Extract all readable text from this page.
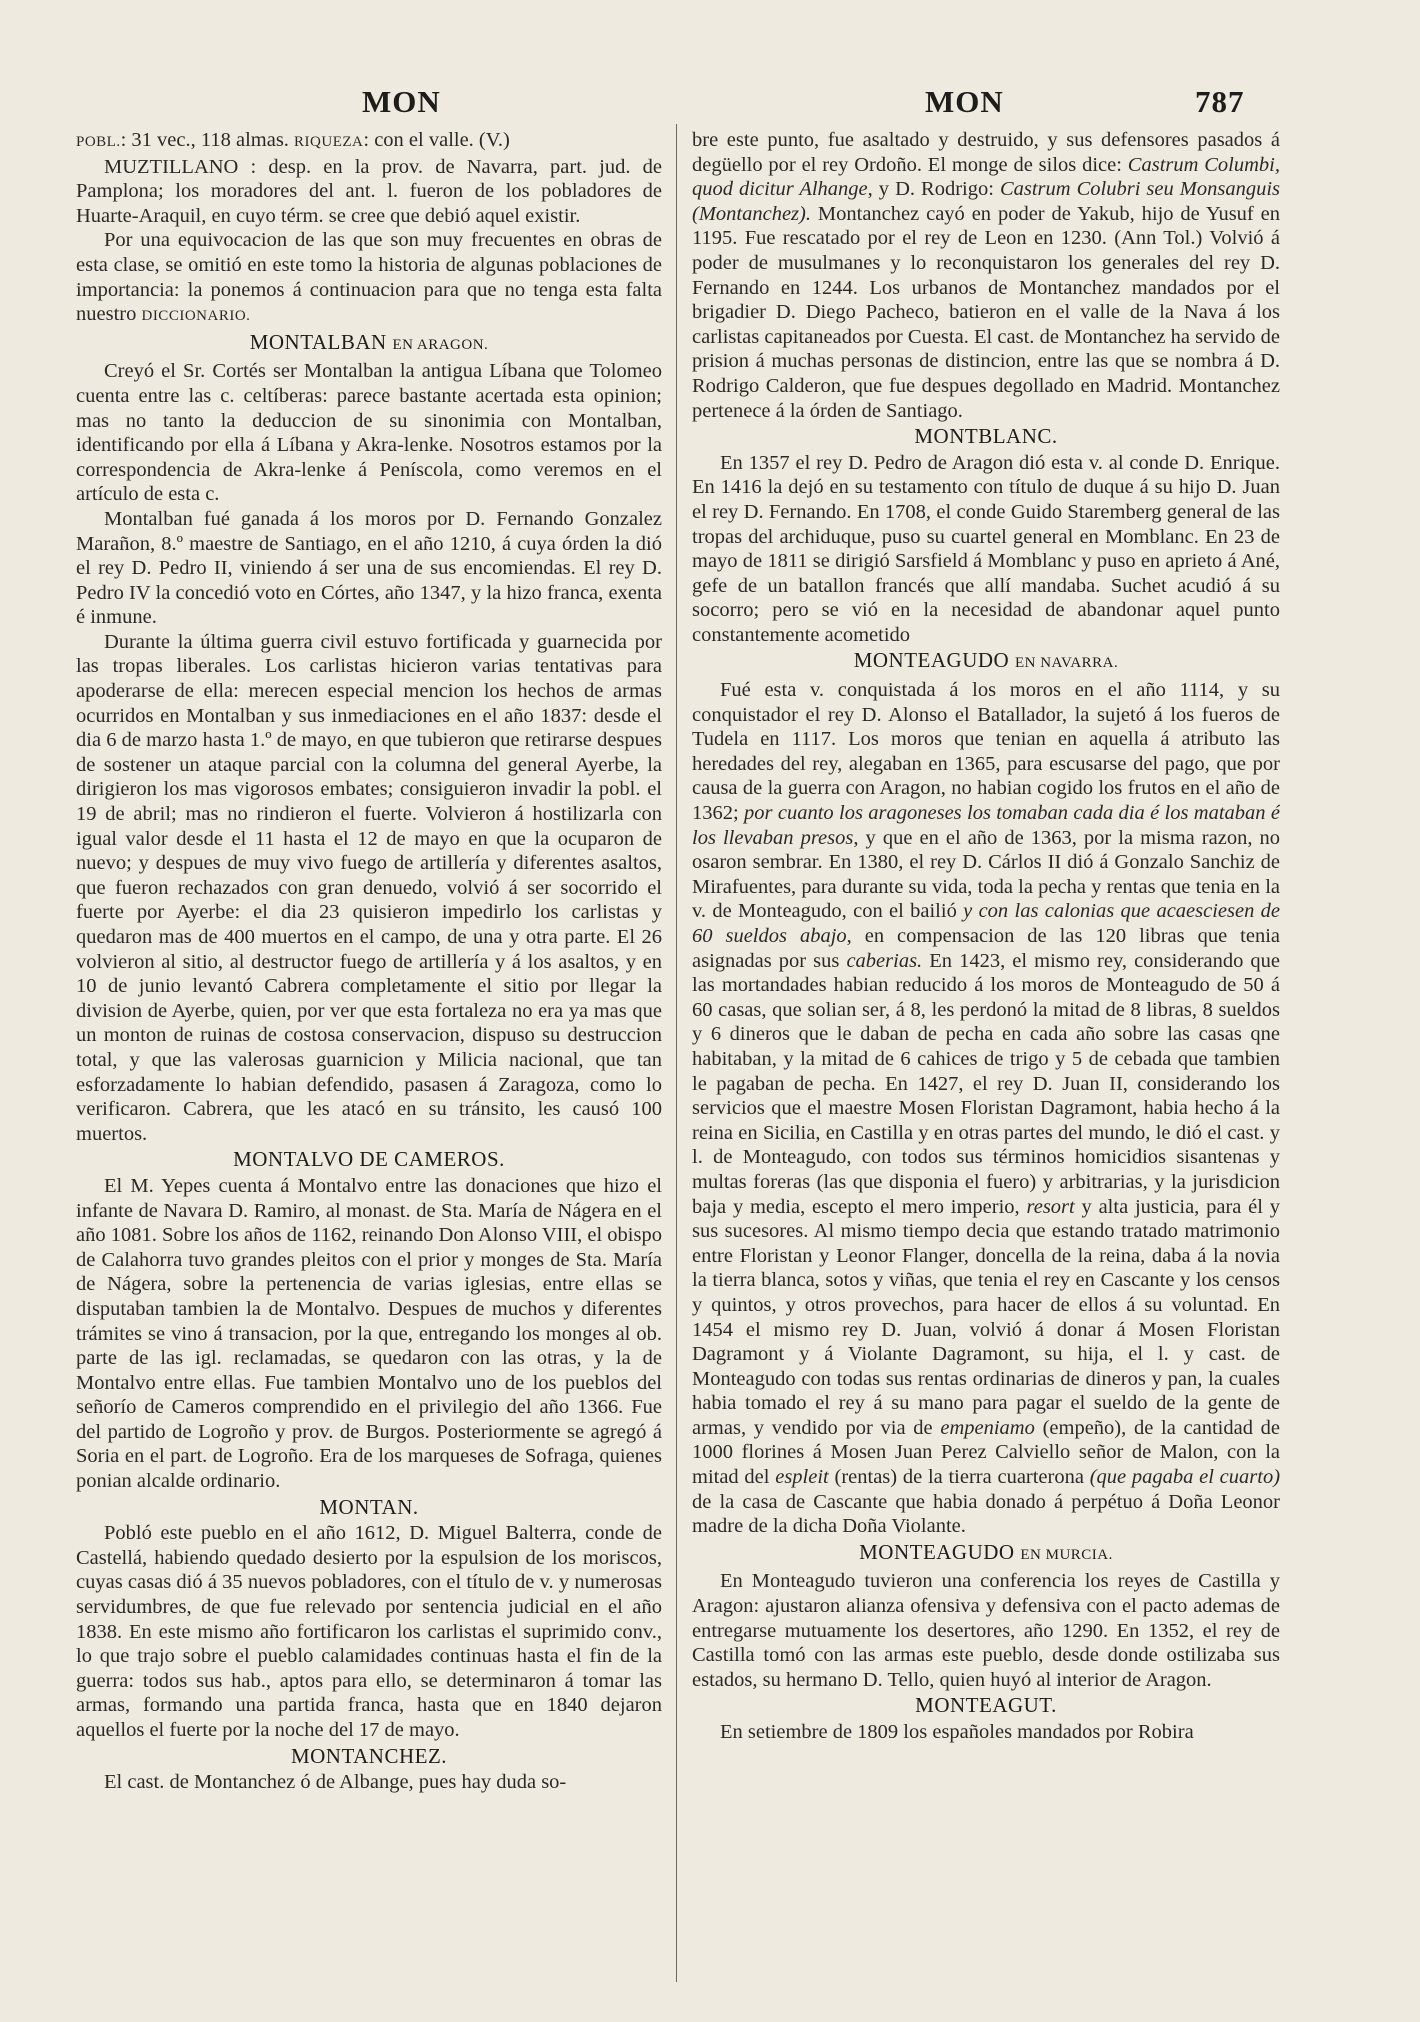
MON	MON	787

POBL.: 31 vec., 118 almas. RIQUEZA: con el valle. (V.)

MUZTILLANO : desp. en la prov. de Navarra, part. jud. de Pamplona; los moradores del ant. l. fueron de los pobladores de Huarte-Araquil, en cuyo térm. se cree que debió aquel existir.

Por una equivocacion de las que son muy frecuentes en obras de esta clase, se omitió en este tomo la historia de algunas poblaciones de importancia: la ponemos á continuacion para que no tenga esta falta nuestro DICCIONARIO.

MONTALBAN EN ARAGON.

Creyó el Sr. Cortés ser Montalban la antigua Líbana que Tolomeo cuenta entre las c. celtíberas: parece bastante acertada esta opinion; mas no tanto la deduccion de su sinonimia con Montalban, identificando por ella á Líbana y Akra-lenke. Nosotros estamos por la correspondencia de Akra-lenke á Peníscola, como veremos en el artículo de esta c.

Montalban fué ganada á los moros por D. Fernando Gonzalez Marañon, 8.º maestre de Santiago, en el año 1210, á cuya órden la dió el rey D. Pedro II, viniendo á ser una de sus encomiendas. El rey D. Pedro IV la concedió voto en Córtes, año 1347, y la hizo franca, exenta é inmune.

Durante la última guerra civil estuvo fortificada y guarnecida por las tropas liberales. Los carlistas hicieron varias tentativas para apoderarse de ella: merecen especial mencion los hechos de armas ocurridos en Montalban y sus inmediaciones en el año 1837: desde el dia 6 de marzo hasta 1.º de mayo, en que tubieron que retirarse despues de sostener un ataque parcial con la columna del general Ayerbe, la dirigieron los mas vigorosos embates; consiguieron invadir la pobl. el 19 de abril; mas no rindieron el fuerte. Volvieron á hostilizarla con igual valor desde el 11 hasta el 12 de mayo en que la ocuparon de nuevo; y despues de muy vivo fuego de artillería y diferentes asaltos, que fueron rechazados con gran denuedo, volvió á ser socorrido el fuerte por Ayerbe: el dia 23 quisieron impedirlo los carlistas y quedaron mas de 400 muertos en el campo, de una y otra parte. El 26 volvieron al sitio, al destructor fuego de artillería y á los asaltos, y en 10 de junio levantó Cabrera completamente el sitio por llegar la division de Ayerbe, quien, por ver que esta fortaleza no era ya mas que un monton de ruinas de costosa conservacion, dispuso su destruccion total, y que las valerosas guarnicion y Milicia nacional, que tan esforzadamente lo habian defendido, pasasen á Zaragoza, como lo verificaron. Cabrera, que les atacó en su tránsito, les causó 100 muertos.

MONTALVO DE CAMEROS.

El M. Yepes cuenta á Montalvo entre las donaciones que hizo el infante de Navara D. Ramiro, al monast. de Sta. María de Nágera en el año 1081. Sobre los años de 1162, reinando Don Alonso VIII, el obispo de Calahorra tuvo grandes pleitos con el prior y monges de Sta. María de Nágera, sobre la pertenencia de varias iglesias, entre ellas se disputaban tambien la de Montalvo. Despues de muchos y diferentes trámites se vino á transacion, por la que, entregando los monges al ob. parte de las igl. reclamadas, se quedaron con las otras, y la de Montalvo entre ellas. Fue tambien Montalvo uno de los pueblos del señorío de Cameros comprendido en el privilegio del año 1366. Fue del partido de Logroño y prov. de Burgos. Posteriormente se agregó á Soria en el part. de Logroño. Era de los marqueses de Sofraga, quienes ponian alcalde ordinario.

MONTAN.

Pobló este pueblo en el año 1612, D. Miguel Balterra, conde de Castellá, habiendo quedado desierto por la espulsion de los moriscos, cuyas casas dió á 35 nuevos pobladores, con el título de v. y numerosas servidumbres, de que fue relevado por sentencia judicial en el año 1838. En este mismo año fortificaron los carlistas el suprimido conv., lo que trajo sobre el pueblo calamidades continuas hasta el fin de la guerra: todos sus hab., aptos para ello, se determinaron á tomar las armas, formando una partida franca, hasta que en 1840 dejaron aquellos el fuerte por la noche del 17 de mayo.

MONTANCHEZ.

El cast. de Montanchez ó de Albange, pues hay duda so-

bre este punto, fue asaltado y destruido, y sus defensores pasados á degüello por el rey Ordoño. El monge de silos dice: Castrum Columbi, quod dicitur Alhange, y D. Rodrigo: Castrum Colubri seu Monsanguis (Montanchez). Montanchez cayó en poder de Yakub, hijo de Yusuf en 1195. Fue rescatado por el rey de Leon en 1230. (Ann Tol.) Volvió á poder de musulmanes y lo reconquistaron los generales del rey D. Fernando en 1244. Los urbanos de Montanchez mandados por el brigadier D. Diego Pacheco, batieron en el valle de la Nava á los carlistas capitaneados por Cuesta. El cast. de Montanchez ha servido de prision á muchas personas de distincion, entre las que se nombra á D. Rodrigo Calderon, que fue despues degollado en Madrid. Montanchez pertenece á la órden de Santiago.

MONTBLANC.

En 1357 el rey D. Pedro de Aragon dió esta v. al conde D. Enrique. En 1416 la dejó en su testamento con título de duque á su hijo D. Juan el rey D. Fernando. En 1708, el conde Guido Staremberg general de las tropas del archiduque, puso su cuartel general en Momblanc. En 23 de mayo de 1811 se dirigió Sarsfield á Momblanc y puso en aprieto á Ané, gefe de un batallon francés que allí mandaba. Suchet acudió á su socorro; pero se vió en la necesidad de abandonar aquel punto constantemente acometido

MONTEAGUDO EN NAVARRA.

Fué esta v. conquistada á los moros en el año 1114, y su conquistador el rey D. Alonso el Batallador, la sujetó á los fueros de Tudela en 1117. Los moros que tenian en aquella á atributo las heredades del rey, alegaban en 1365, para escusarse del pago, que por causa de la guerra con Aragon, no habian cogido los frutos en el año de 1362; por cuanto los aragoneses los tomaban cada dia é los mataban é los llevaban presos, y que en el año de 1363, por la misma razon, no osaron sembrar. En 1380, el rey D. Cárlos II dió á Gonzalo Sanchiz de Mirafuentes, para durante su vida, toda la pecha y rentas que tenia en la v. de Monteagudo, con el bailió y con las calonias que acaesciesen de 60 sueldos abajo, en compensacion de las 120 libras que tenia asignadas por sus caberias. En 1423, el mismo rey, considerando que las mortandades habian reducido á los moros de Monteagudo de 50 á 60 casas, que solian ser, á 8, les perdonó la mitad de 8 libras, 8 sueldos y 6 dineros que le daban de pecha en cada año sobre las casas qne habitaban, y la mitad de 6 cahices de trigo y 5 de cebada que tambien le pagaban de pecha. En 1427, el rey D. Juan II, considerando los servicios que el maestre Mosen Floristan Dagramont, habia hecho á la reina en Sicilia, en Castilla y en otras partes del mundo, le dió el cast. y l. de Monteagudo, con todos sus términos homicidios sisantenas y multas foreras (las que disponia el fuero) y arbitrarias, y la jurisdicion baja y media, escepto el mero imperio, resort y alta justicia, para él y sus sucesores. Al mismo tiempo decia que estando tratado matrimonio entre Floristan y Leonor Flanger, doncella de la reina, daba á la novia la tierra blanca, sotos y viñas, que tenia el rey en Cascante y los censos y quintos, y otros provechos, para hacer de ellos á su voluntad. En 1454 el mismo rey D. Juan, volvió á donar á Mosen Floristan Dagramont y á Violante Dagramont, su hija, el l. y cast. de Monteagudo con todas sus rentas ordinarias de dineros y pan, la cuales habia tomado el rey á su mano para pagar el sueldo de la gente de armas, y vendido por via de empeniamo (empeño), de la cantidad de 1000 florines á Mosen Juan Perez Calviello señor de Malon, con la mitad del espleit (rentas) de la tierra cuarterona (que pagaba el cuarto) de la casa de Cascante que habia donado á perpétuo á Doña Leonor madre de la dicha Doña Violante.

MONTEAGUDO EN MURCIA.

En Monteagudo tuvieron una conferencia los reyes de Castilla y Aragon: ajustaron alianza ofensiva y defensiva con el pacto ademas de entregarse mutuamente los desertores, año 1290. En 1352, el rey de Castilla tomó con las armas este pueblo, desde donde ostilizaba sus estados, su hermano D. Tello, quien huyó al interior de Aragon.

MONTEAGUT.

En setiembre de 1809 los españoles mandados por Robira
